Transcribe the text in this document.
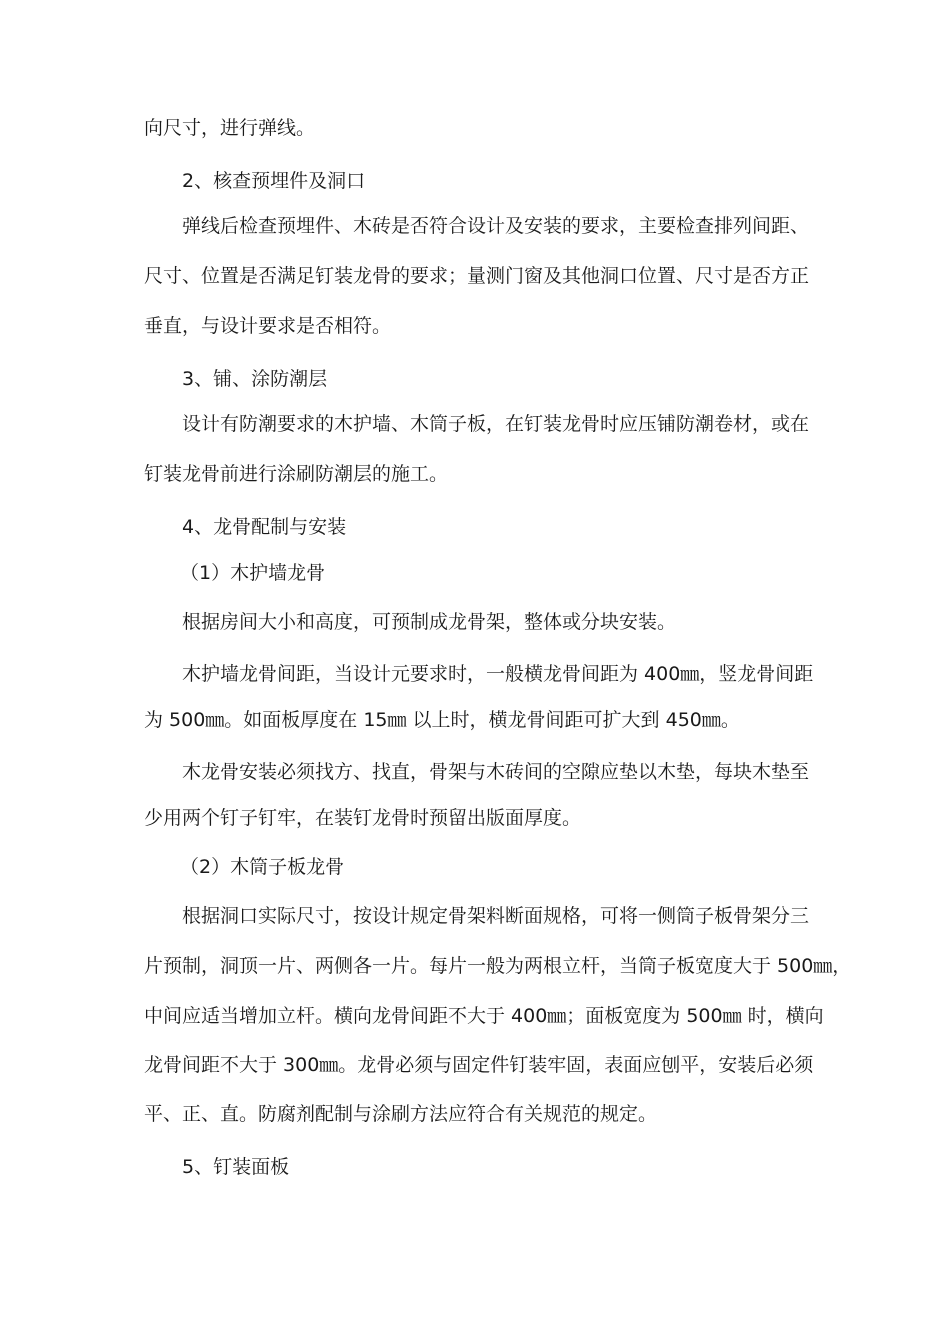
向尺寸，进行弹线。
2、核查预埋件及洞口
弹线后检查预埋件、木砖是否符合设计及安装的要求，主要检查排列间距、
尺寸、位置是否满足钉装龙骨的要求；量测门窗及其他洞口位置、尺寸是否方正
垂直，与设计要求是否相符。
3、铺、涂防潮层
设计有防潮要求的木护墙、木筒子板，在钉装龙骨时应压铺防潮卷材，或在
钉装龙骨前进行涂刷防潮层的施工。
4、龙骨配制与安装
（1）木护墙龙骨
根据房间大小和高度，可预制成龙骨架，整体或分块安装。
木护墙龙骨间距，当设计元要求时，一般横龙骨间距为 400㎜，竖龙骨间距
为 500㎜。如面板厚度在 15㎜ 以上时，横龙骨间距可扩大到 450㎜。
木龙骨安装必须找方、找直，骨架与木砖间的空隙应垫以木垫，每块木垫至
少用两个钉子钉牢，在装钉龙骨时预留出版面厚度。
（2）木筒子板龙骨
根据洞口实际尺寸，按设计规定骨架料断面规格，可将一侧筒子板骨架分三
片预制，洞顶一片、两侧各一片。每片一般为两根立杆，当筒子板宽度大于 500㎜，
中间应适当增加立杆。横向龙骨间距不大于 400㎜；面板宽度为 500㎜ 时，横向
龙骨间距不大于 300㎜。龙骨必须与固定件钉装牢固，表面应刨平，安装后必须
平、正、直。防腐剂配制与涂刷方法应符合有关规范的规定。
5、钉装面板
